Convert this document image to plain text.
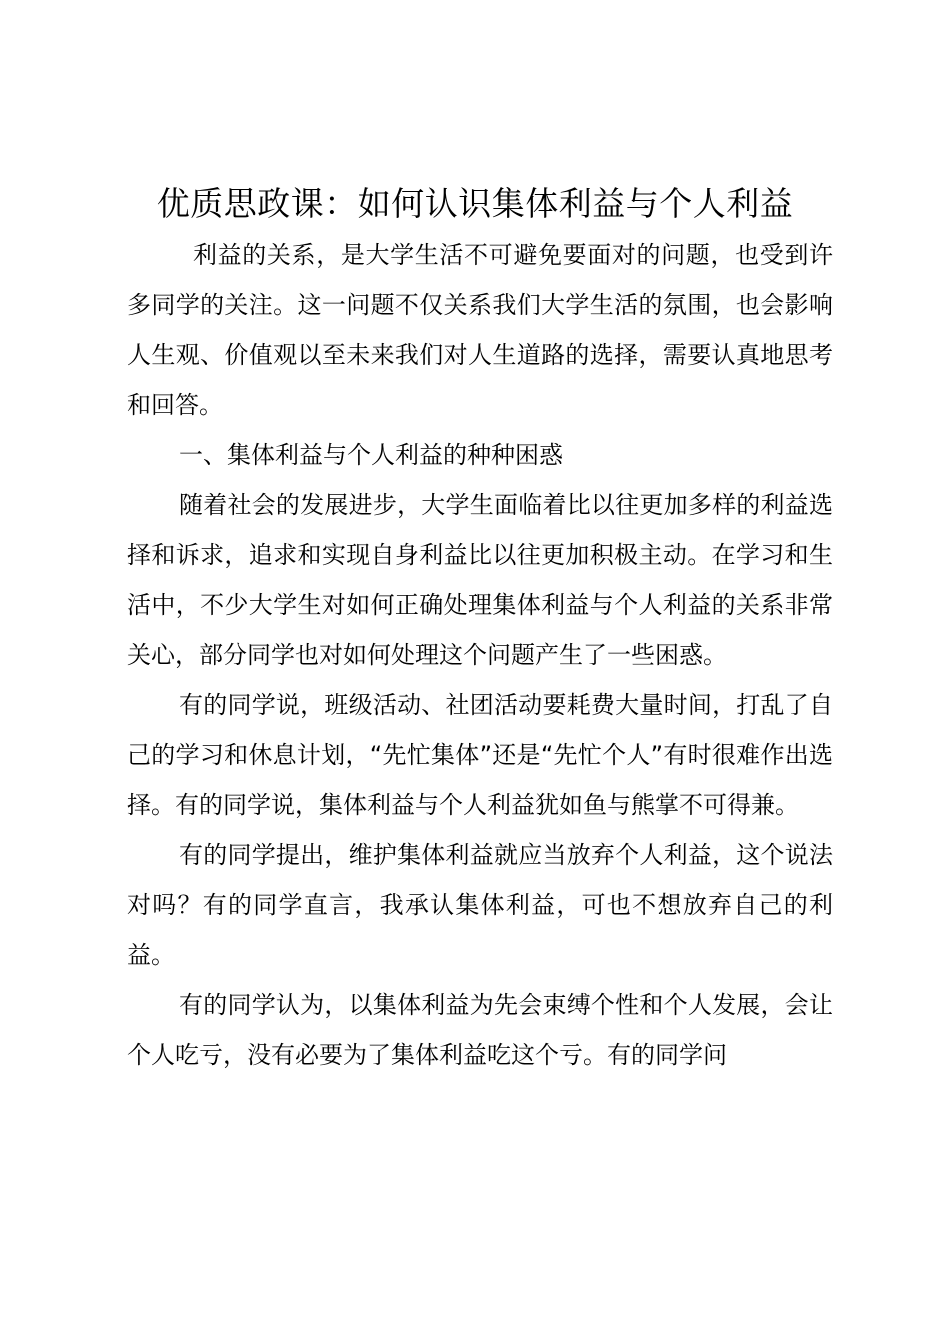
优质思政课：如何认识集体利益与个人利益

利益的关系，是大学生活不可避免要面对的问题，也受到许多同学的关注。这一问题不仅关系我们大学生活的氛围，也会影响人生观、价值观以至未来我们对人生道路的选择，需要认真地思考和回答。

一、集体利益与个人利益的种种困惑

随着社会的发展进步，大学生面临着比以往更加多样的利益选择和诉求，追求和实现自身利益比以往更加积极主动。在学习和生活中，不少大学生对如何正确处理集体利益与个人利益的关系非常关心，部分同学也对如何处理这个问题产生了一些困惑。

有的同学说，班级活动、社团活动要耗费大量时间，打乱了自己的学习和休息计划，“先忙集体”还是“先忙个人”有时很难作出选择。有的同学说，集体利益与个人利益犹如鱼与熊掌不可得兼。

有的同学提出，维护集体利益就应当放弃个人利益，这个说法对吗？有的同学直言，我承认集体利益，可也不想放弃自己的利益。

有的同学认为，以集体利益为先会束缚个性和个人发展，会让个人吃亏，没有必要为了集体利益吃这个亏。有的同学问
